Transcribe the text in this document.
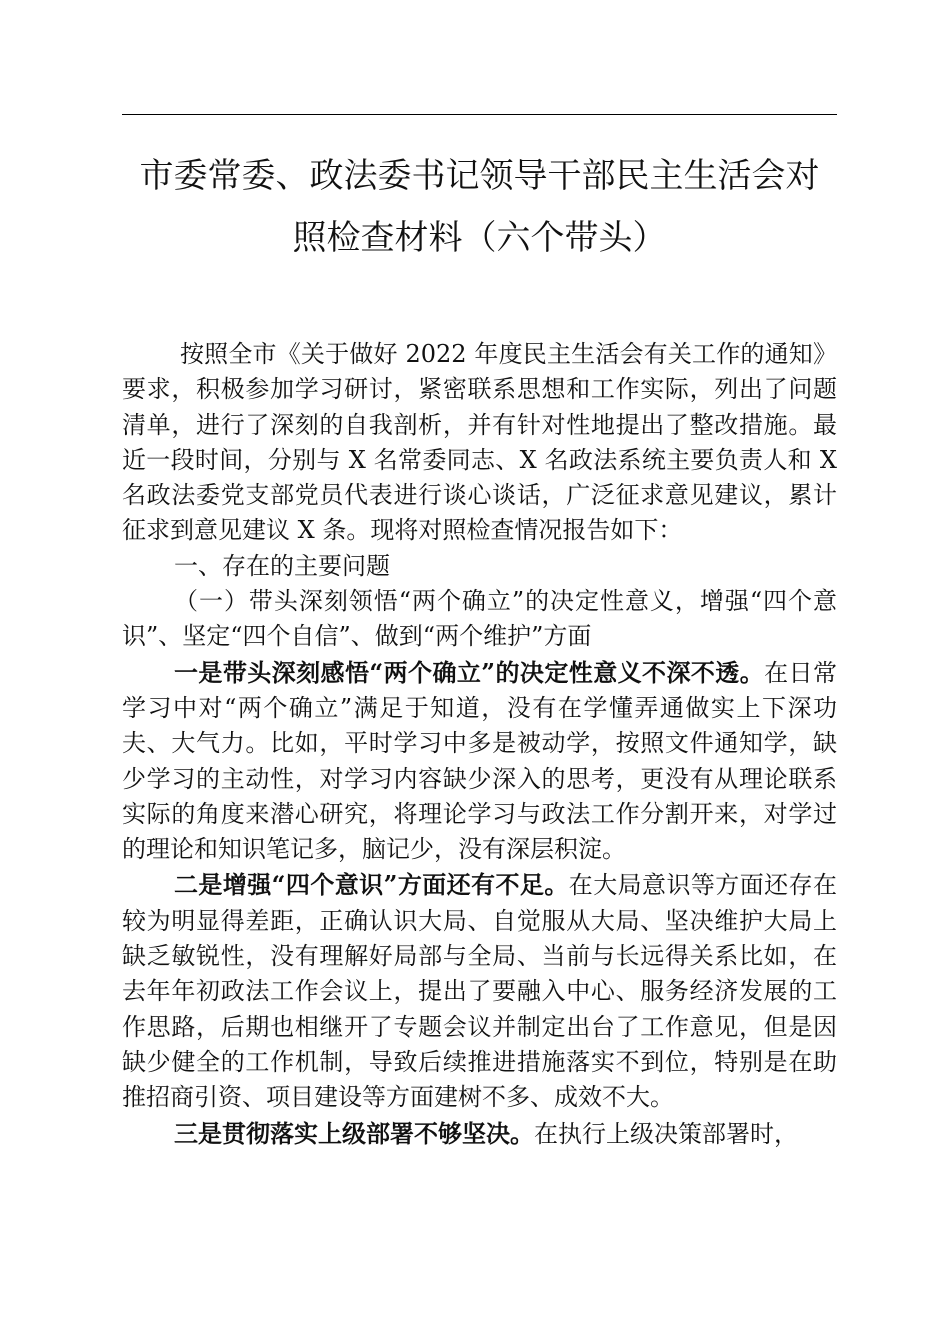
市委常委、政法委书记领导干部民主生活会对
照检查材料（六个带头）

按照全市《关于做好 2022 年度民主生活会有关工作的通知》要求，积极参加学习研讨，紧密联系思想和工作实际，列出了问题清单，进行了深刻的自我剖析，并有针对性地提出了整改措施。最近一段时间，分别与 X 名常委同志、X 名政法系统主要负责人和 X 名政法委党支部党员代表进行谈心谈话，广泛征求意见建议，累计征求到意见建议 X 条。现将对照检查情况报告如下：

一、存在的主要问题

（一）带头深刻领悟“两个确立”的决定性意义，增强“四个意识”、坚定“四个自信”、做到“两个维护”方面

一是带头深刻感悟“两个确立”的决定性意义不深不透。在日常学习中对“两个确立”满足于知道，没有在学懂弄通做实上下深功夫、大气力。比如，平时学习中多是被动学，按照文件通知学，缺少学习的主动性，对学习内容缺少深入的思考，更没有从理论联系实际的角度来潜心研究，将理论学习与政法工作分割开来，对学过的理论和知识笔记多，脑记少，没有深层积淀。

二是增强“四个意识”方面还有不足。在大局意识等方面还存在较为明显得差距，正确认识大局、自觉服从大局、坚决维护大局上缺乏敏锐性，没有理解好局部与全局、当前与长远得关系比如，在去年年初政法工作会议上，提出了要融入中心、服务经济发展的工作思路，后期也相继开了专题会议并制定出台了工作意见，但是因缺少健全的工作机制，导致后续推进措施落实不到位，特别是在助推招商引资、项目建设等方面建树不多、成效不大。

三是贯彻落实上级部署不够坚决。在执行上级决策部署时，
